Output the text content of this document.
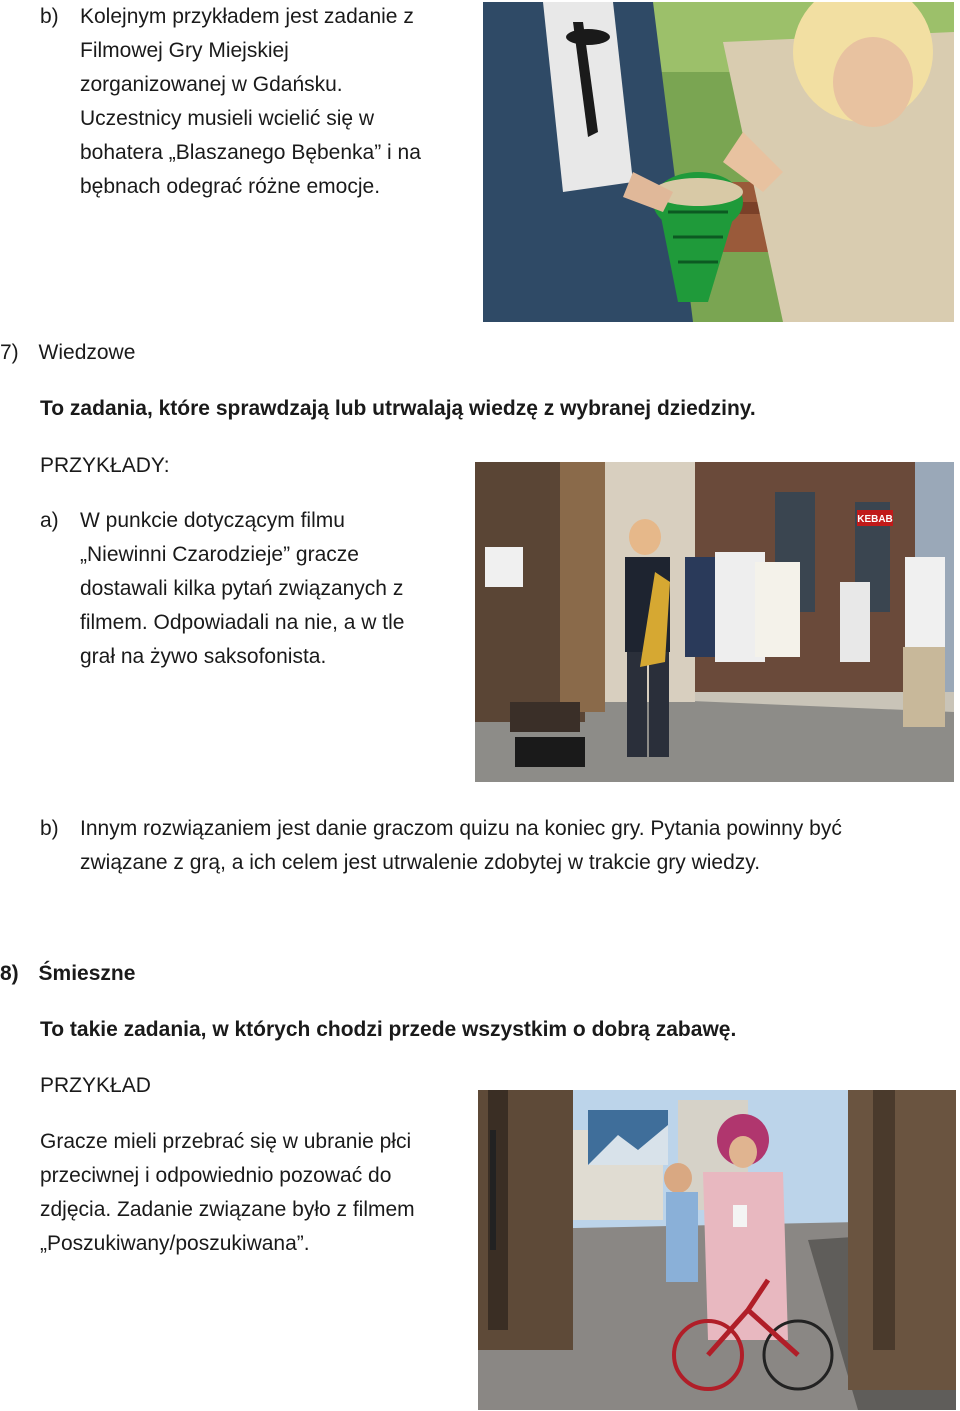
b) Kolejnym przykładem jest zadanie z
Filmowej Gry Miejskiej
zorganizowanej w Gdańsku.
Uczestnicy musieli wcielić się w
bohatera „Blaszanego Bębenka” i na
bębnach odegrać różne emocje.
7) Wiedzowe
To zadania, które sprawdzają lub utrwalają wiedzę z wybranej dziedziny.
PRZYKŁADY:
a) W punkcie dotyczącym filmu
„Niewinni Czarodzieje” gracze
dostawali kilka pytań związanych z
filmem. Odpowiadali na nie, a w tle
grał na żywo saksofonista.
KEBAB
b) Innym rozwiązaniem jest danie graczom quizu na koniec gry. Pytania powinny być
związane z grą, a ich celem jest utrwalenie zdobytej w trakcie gry wiedzy.
8) Śmieszne
To takie zadania, w których chodzi przede wszystkim o dobrą zabawę.
PRZYKŁAD
Gracze mieli przebrać się w ubranie płci
przeciwnej i odpowiednio pozować do
zdjęcia. Zadanie związane było z filmem
„Poszukiwany/poszukiwana”.
